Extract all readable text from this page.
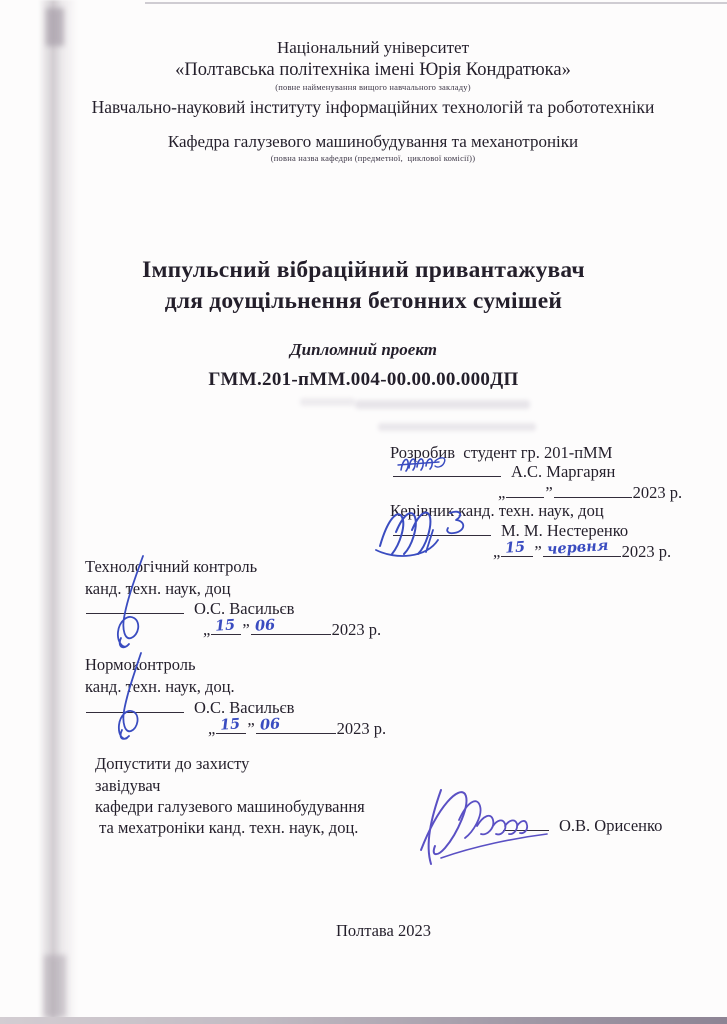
Національний університет
«Полтавська політехніка імені Юрія Кондратюка»
(повне найменування вищого навчального закладу)
Навчально-науковий інституту інформаційних технологій та робототехніки
Кафедра галузевого машинобудування та механотроніки
(повна назва кафедри (предметної,  циклової комісії))
Імпульсний вібраційний привантажувач
для доущільнення бетонних сумішей
Дипломний проект
ГММ.201-пММ.004-00.00.00.000ДП
Розробив  студент гр. 201-пММ
А.С. Маргарян
„ ”	2023 р.
Керівник канд. техн. наук, доц
М. М. Нестеренко
„ 15 ” червня 2023 р.
Технологічний контроль
канд. техн. наук, доц
О.С. Васильєв
„ 15 ” 06	2023 р.
Нормоконтроль
канд. техн. наук, доц.
О.С. Васильєв
„ 15 ” 06	2023 р.
Допустити до захисту
завідувач
кафедри галузевого машинобудування
та мехатроніки канд. техн. наук, доц.	О.В. Орисенко
Полтава 2023
